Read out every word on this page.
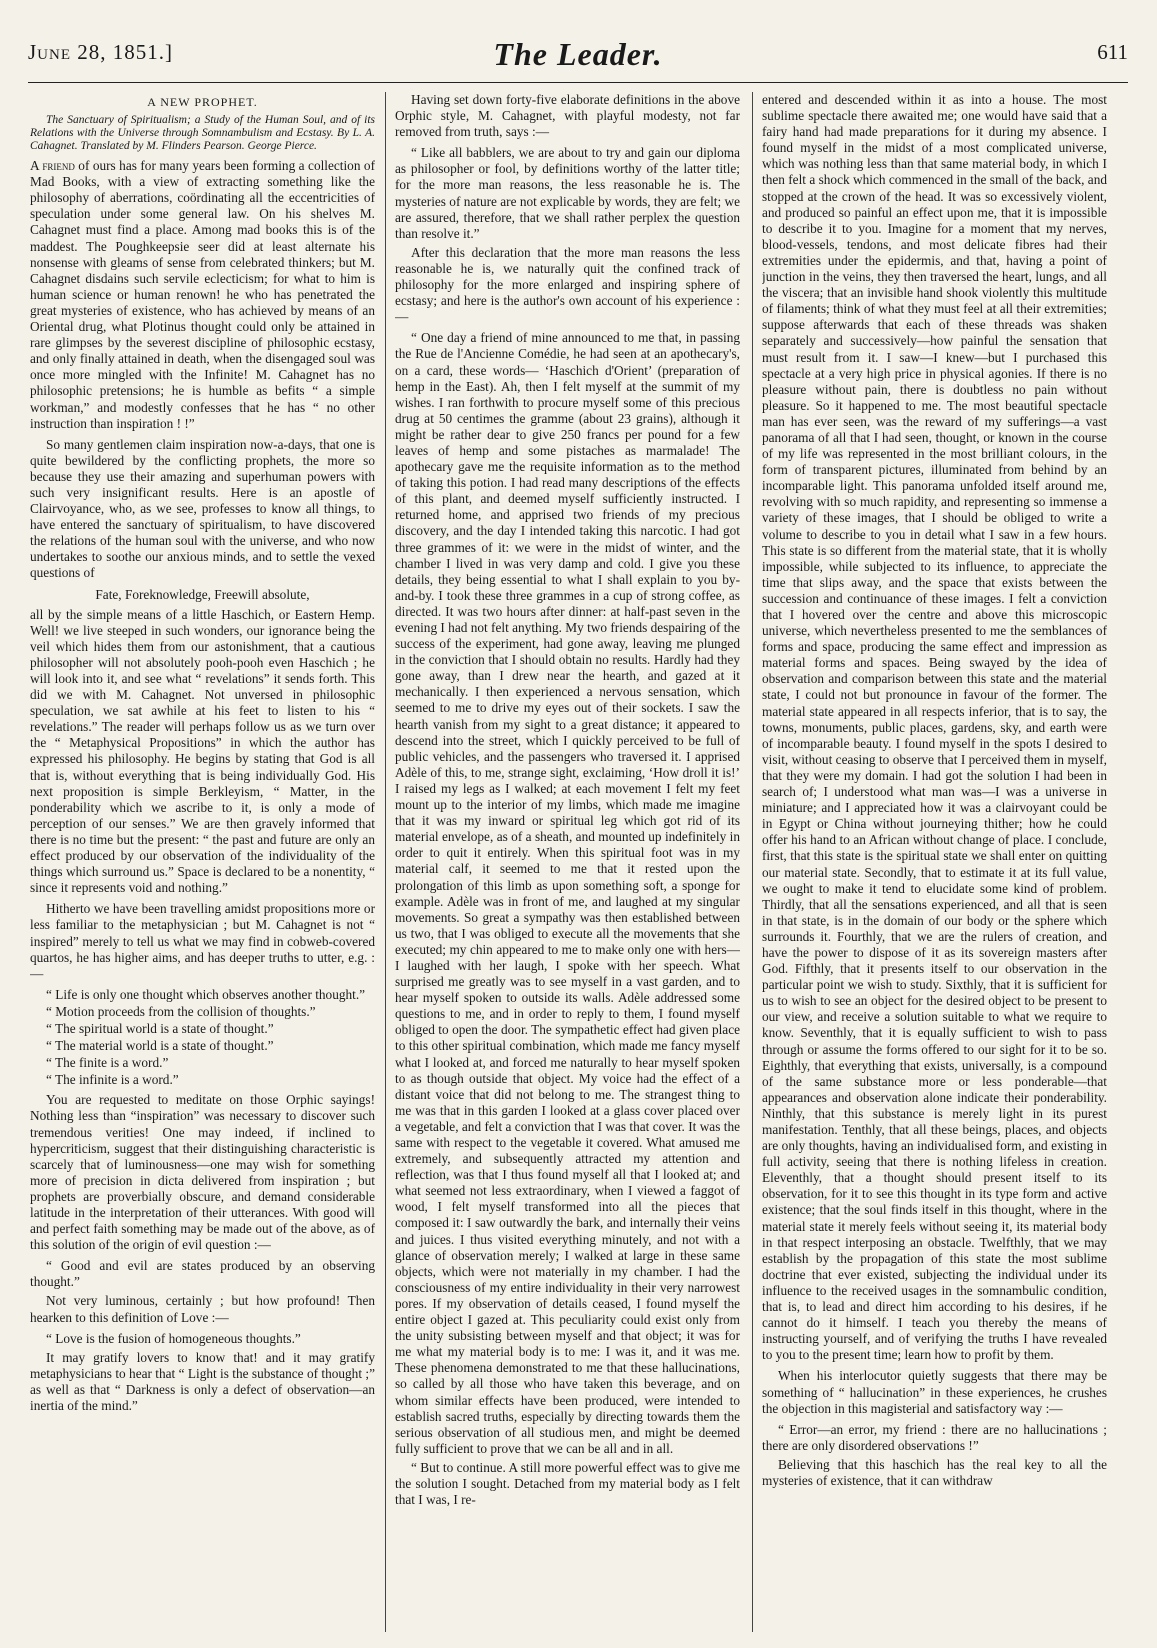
June 28, 1851.]	The Leader.	611
A NEW PROPHET.

The Sanctuary of Spiritualism; a Study of the Human Soul, and of its Relations with the Universe through Somnambulism and Ecstasy. By L. A. Cahagnet. Translated by M. Flinders Pearson. George Pierce.

A friend of ours has for many years been forming a collection of Mad Books, with a view of extracting something like the philosophy of aberrations, coördinating all the eccentricities of speculation under some general law. On his shelves M. Cahagnet must find a place. Among mad books this is of the maddest. The Poughkeepsie seer did at least alternate his nonsense with gleams of sense from celebrated thinkers; but M. Cahagnet disdains such servile eclecticism; for what to him is human science or human renown! he who has penetrated the great mysteries of existence, who has achieved by means of an Oriental drug, what Plotinus thought could only be attained in rare glimpses by the severest discipline of philosophic ecstasy, and only finally attained in death, when the disengaged soul was once more mingled with the Infinite! M. Cahagnet has no philosophic pretensions; he is humble as befits “ a simple workman,” and modestly confesses that he has “ no other instruction than inspiration ! !”

So many gentlemen claim inspiration now-a-days, that one is quite bewildered by the conflicting prophets, the more so because they use their amazing and superhuman powers with such very insignificant results. Here is an apostle of Clairvoyance, who, as we see, professes to know all things, to have entered the sanctuary of spiritualism, to have discovered the relations of the human soul with the universe, and who now undertakes to soothe our anxious minds, and to settle the vexed questions of

Fate, Foreknowledge, Freewill absolute,

all by the simple means of a little Haschich, or Eastern Hemp. Well! we live steeped in such wonders, our ignorance being the veil which hides them from our astonishment, that a cautious philosopher will not absolutely pooh-pooh even Haschich ; he will look into it, and see what “ revelations” it sends forth. This did we with M. Cahagnet. Not unversed in philosophic speculation, we sat awhile at his feet to listen to his “ revelations.” The reader will perhaps follow us as we turn over the “ Metaphysical Propositions” in which the author has expressed his philosophy. He begins by stating that God is all that is, without everything that is being individually God. His next proposition is simple Berkleyism, “ Matter, in the ponderability which we ascribe to it, is only a mode of perception of our senses.” We are then gravely informed that there is no time but the present: “ the past and future are only an effect produced by our observation of the individuality of the things which surround us.” Space is declared to be a nonentity, “ since it represents void and nothing.”

Hitherto we have been travelling amidst propositions more or less familiar to the metaphysician ; but M. Cahagnet is not “ inspired” merely to tell us what we may find in cobweb-covered quartos, he has higher aims, and has deeper truths to utter, e.g. :—

“ Life is only one thought which observes another thought.”

“ Motion proceeds from the collision of thoughts.”

“ The spiritual world is a state of thought.”

“ The material world is a state of thought.”

“ The finite is a word.”

“ The infinite is a word.”

You are requested to meditate on those Orphic sayings! Nothing less than “inspiration” was necessary to discover such tremendous verities! One may indeed, if inclined to hypercriticism, suggest that their distinguishing characteristic is scarcely that of luminousness—one may wish for something more of precision in dicta delivered from inspiration ; but prophets are proverbially obscure, and demand considerable latitude in the interpretation of their utterances. With good will and perfect faith something may be made out of the above, as of this solution of the origin of evil question :—

“ Good and evil are states produced by an observing thought.”

Not very luminous, certainly ; but how profound! Then hearken to this definition of Love :—

“ Love is the fusion of homogeneous thoughts.”

It may gratify lovers to know that! and it may gratify metaphysicians to hear that “ Light is the substance of thought ;” as well as that “ Darkness is only a defect of observation—an inertia of the mind.”

Having set down forty-five elaborate definitions in the above Orphic style, M. Cahagnet, with playful modesty, not far removed from truth, says :—

“ Like all babblers, we are about to try and gain our diploma as philosopher or fool, by definitions worthy of the latter title; for the more man reasons, the less reasonable he is. The mysteries of nature are not explicable by words, they are felt; we are assured, therefore, that we shall rather perplex the question than resolve it.”

After this declaration that the more man reasons the less reasonable he is, we naturally quit the confined track of philosophy for the more enlarged and inspiring sphere of ecstasy; and here is the author's own account of his experience :—

“ One day a friend of mine announced to me that, in passing the Rue de l'Ancienne Comédie, he had seen at an apothecary's, on a card, these words— ‘Haschich d'Orient’ (preparation of hemp in the East). Ah, then I felt myself at the summit of my wishes. I ran forthwith to procure myself some of this precious drug at 50 centimes the gramme (about 23 grains), although it might be rather dear to give 250 francs per pound for a few leaves of hemp and some pistaches as marmalade! The apothecary gave me the requisite information as to the method of taking this potion. I had read many descriptions of the effects of this plant, and deemed myself sufficiently instructed. I returned home, and apprised two friends of my precious discovery, and the day I intended taking this narcotic. I had got three grammes of it: we were in the midst of winter, and the chamber I lived in was very damp and cold. I give you these details, they being essential to what I shall explain to you by-and-by. I took these three grammes in a cup of strong coffee, as directed. It was two hours after dinner: at half-past seven in the evening I had not felt anything. My two friends despairing of the success of the experiment, had gone away, leaving me plunged in the conviction that I should obtain no results. Hardly had they gone away, than I drew near the hearth, and gazed at it mechanically. I then experienced a nervous sensation, which seemed to me to drive my eyes out of their sockets. I saw the hearth vanish from my sight to a great distance; it appeared to descend into the street, which I quickly perceived to be full of public vehicles, and the passengers who traversed it. I apprised Adèle of this, to me, strange sight, exclaiming, ‘How droll it is!’ I raised my legs as I walked; at each movement I felt my feet mount up to the interior of my limbs, which made me imagine that it was my inward or spiritual leg which got rid of its material envelope, as of a sheath, and mounted up indefinitely in order to quit it entirely. When this spiritual foot was in my material calf, it seemed to me that it rested upon the prolongation of this limb as upon something soft, a sponge for example. Adèle was in front of me, and laughed at my singular movements. So great a sympathy was then established between us two, that I was obliged to execute all the movements that she executed; my chin appeared to me to make only one with hers—I laughed with her laugh, I spoke with her speech. What surprised me greatly was to see myself in a vast garden, and to hear myself spoken to outside its walls. Adèle addressed some questions to me, and in order to reply to them, I found myself obliged to open the door. The sympathetic effect had given place to this other spiritual combination, which made me fancy myself what I looked at, and forced me naturally to hear myself spoken to as though outside that object. My voice had the effect of a distant voice that did not belong to me. The strangest thing to me was that in this garden I looked at a glass cover placed over a vegetable, and felt a conviction that I was that cover. It was the same with respect to the vegetable it covered. What amused me extremely, and subsequently attracted my attention and reflection, was that I thus found myself all that I looked at; and what seemed not less extraordinary, when I viewed a faggot of wood, I felt myself transformed into all the pieces that composed it: I saw outwardly the bark, and internally their veins and juices. I thus visited everything minutely, and not with a glance of observation merely; I walked at large in these same objects, which were not materially in my chamber. I had the consciousness of my entire individuality in their very narrowest pores. If my observation of details ceased, I found myself the entire object I gazed at. This peculiarity could exist only from the unity subsisting between myself and that object; it was for me what my material body is to me: I was it, and it was me. These phenomena demonstrated to me that these hallucinations, so called by all those who have taken this beverage, and on whom similar effects have been produced, were intended to establish sacred truths, especially by directing towards them the serious observation of all studious men, and might be deemed fully sufficient to prove that we can be all and in all.

“ But to continue. A still more powerful effect was to give me the solution I sought. Detached from my material body as I felt that I was, I re-

entered and descended within it as into a house. The most sublime spectacle there awaited me; one would have said that a fairy hand had made preparations for it during my absence. I found myself in the midst of a most complicated universe, which was nothing less than that same material body, in which I then felt a shock which commenced in the small of the back, and stopped at the crown of the head. It was so excessively violent, and produced so painful an effect upon me, that it is impossible to describe it to you. Imagine for a moment that my nerves, blood-vessels, tendons, and most delicate fibres had their extremities under the epidermis, and that, having a point of junction in the veins, they then traversed the heart, lungs, and all the viscera; that an invisible hand shook violently this multitude of filaments; think of what they must feel at all their extremities; suppose afterwards that each of these threads was shaken separately and successively—how painful the sensation that must result from it. I saw—I knew—but I purchased this spectacle at a very high price in physical agonies. If there is no pleasure without pain, there is doubtless no pain without pleasure. So it happened to me. The most beautiful spectacle man has ever seen, was the reward of my sufferings—a vast panorama of all that I had seen, thought, or known in the course of my life was represented in the most brilliant colours, in the form of transparent pictures, illuminated from behind by an incomparable light. This panorama unfolded itself around me, revolving with so much rapidity, and representing so immense a variety of these images, that I should be obliged to write a volume to describe to you in detail what I saw in a few hours. This state is so different from the material state, that it is wholly impossible, while subjected to its influence, to appreciate the time that slips away, and the space that exists between the succession and continuance of these images. I felt a conviction that I hovered over the centre and above this microscopic universe, which nevertheless presented to me the semblances of forms and space, producing the same effect and impression as material forms and spaces. Being swayed by the idea of observation and comparison between this state and the material state, I could not but pronounce in favour of the former. The material state appeared in all respects inferior, that is to say, the towns, monuments, public places, gardens, sky, and earth were of incomparable beauty. I found myself in the spots I desired to visit, without ceasing to observe that I perceived them in myself, that they were my domain. I had got the solution I had been in search of; I understood what man was—I was a universe in miniature; and I appreciated how it was a clairvoyant could be in Egypt or China without journeying thither; how he could offer his hand to an African without change of place. I conclude, first, that this state is the spiritual state we shall enter on quitting our material state. Secondly, that to estimate it at its full value, we ought to make it tend to elucidate some kind of problem. Thirdly, that all the sensations experienced, and all that is seen in that state, is in the domain of our body or the sphere which surrounds it. Fourthly, that we are the rulers of creation, and have the power to dispose of it as its sovereign masters after God. Fifthly, that it presents itself to our observation in the particular point we wish to study. Sixthly, that it is sufficient for us to wish to see an object for the desired object to be present to our view, and receive a solution suitable to what we require to know. Seventhly, that it is equally sufficient to wish to pass through or assume the forms offered to our sight for it to be so. Eighthly, that everything that exists, universally, is a compound of the same substance more or less ponderable—that appearances and observation alone indicate their ponderability. Ninthly, that this substance is merely light in its purest manifestation. Tenthly, that all these beings, places, and objects are only thoughts, having an individualised form, and existing in full activity, seeing that there is nothing lifeless in creation. Eleventhly, that a thought should present itself to its observation, for it to see this thought in its type form and active existence; that the soul finds itself in this thought, where in the material state it merely feels without seeing it, its material body in that respect interposing an obstacle. Twelfthly, that we may establish by the propagation of this state the most sublime doctrine that ever existed, subjecting the individual under its influence to the received usages in the somnambulic condition, that is, to lead and direct him according to his desires, if he cannot do it himself. I teach you thereby the means of instructing yourself, and of verifying the truths I have revealed to you to the present time; learn how to profit by them.

When his interlocutor quietly suggests that there may be something of “ hallucination” in these experiences, he crushes the objection in this magisterial and satisfactory way :—

“ Error—an error, my friend : there are no hallucinations ; there are only disordered observations !”

Believing that this haschich has the real key to all the mysteries of existence, that it can withdraw
